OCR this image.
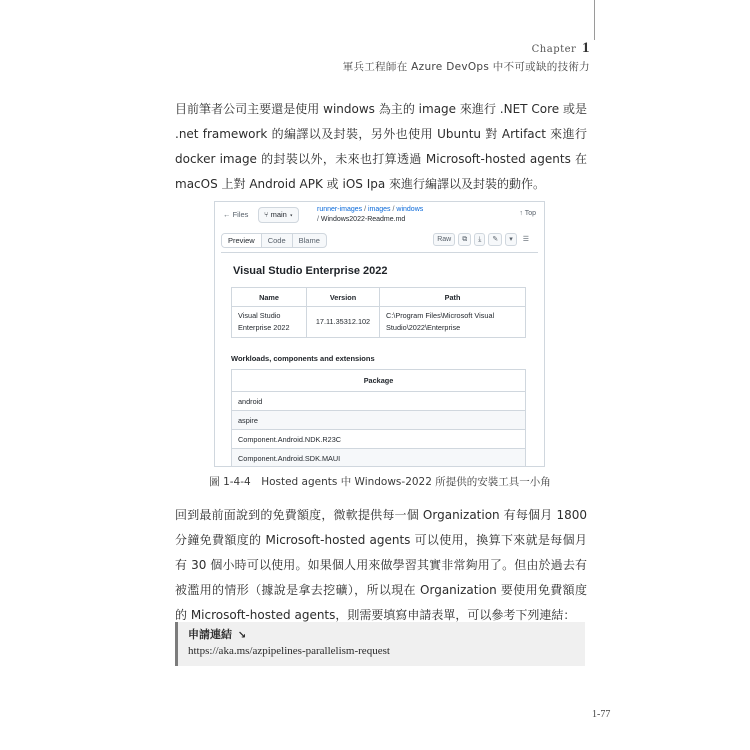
Chapter 1
軍兵工程師在 Azure DevOps 中不可或缺的技術力

目前筆者公司主要還是使用 windows 為主的 image 來進行 .NET Core 或是 .net framework 的編譯以及封裝，另外也使用 Ubuntu 對 Artifact 來進行 docker image 的封裝以外，未來也打算透過 Microsoft-hosted agents 在 macOS 上對 Android APK 或 iOS Ipa 來進行編譯以及封裝的動作。

← Files	⑂ main ▾
runner-images / images / windows
/ Windows2022-Readme.md
↑ Top
Preview	Code	Blame	Raw	⧉	⤓	✎	▾	☰
Visual Studio Enterprise 2022
Name	Version	Path
Visual Studio Enterprise 2022	17.11.35312.102	C:\Program Files\Microsoft Visual Studio\2022\Enterprise
Workloads, components and extensions
Package
android
aspire
Component.Android.NDK.R23C
Component.Android.SDK.MAUI
圖 1-4-4　Hosted agents 中 Windows-2022 所提供的安裝工具一小角

回到最前面說到的免費額度，微軟提供每一個 Organization 有每個月 1800 分鐘免費額度的 Microsoft-hosted agents 可以使用，換算下來就是每個月有 30 個小時可以使用。如果個人用來做學習其實非常夠用了。但由於過去有被濫用的情形（據說是拿去挖礦），所以現在 Organization 要使用免費額度的 Microsoft-hosted agents，則需要填寫申請表單，可以參考下列連結：

申請連結 ↘
https://aka.ms/azpipelines-parallelism-request
1-77
